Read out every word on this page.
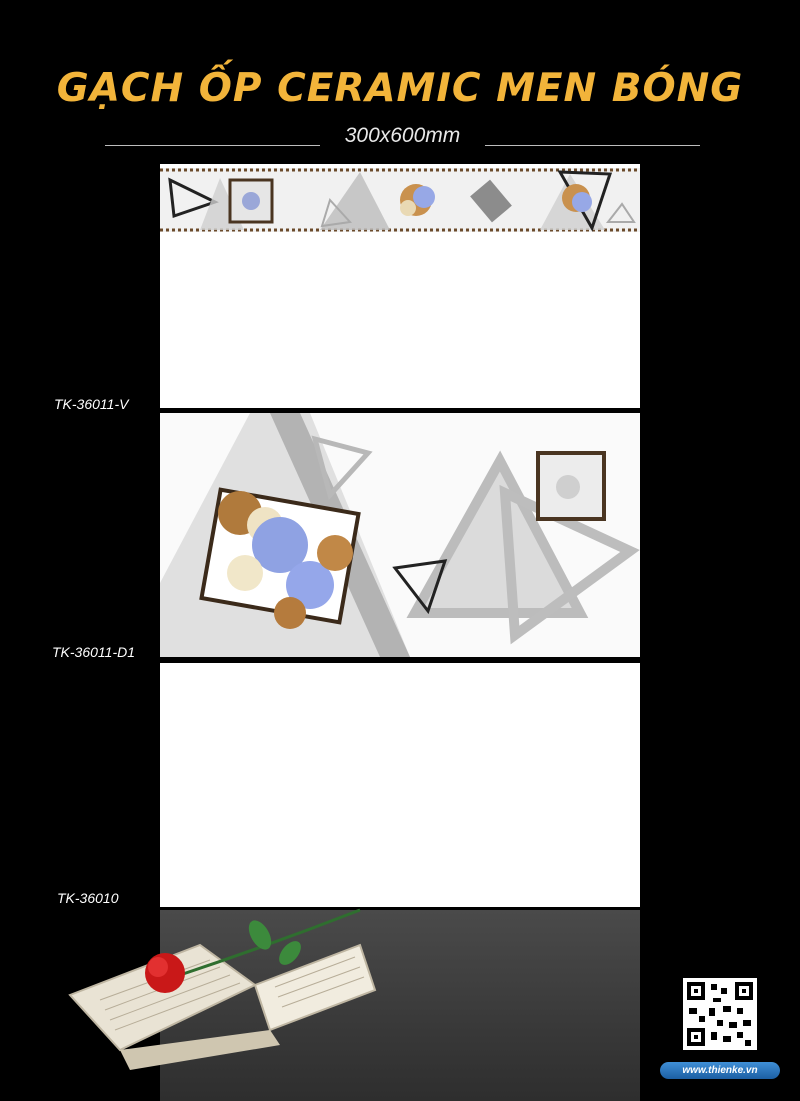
GẠCH ỐP CERAMIC MEN BÓNG
300x600mm
TK-36011-V
TK-36011-D1
TK-36010
www.thienke.vn
